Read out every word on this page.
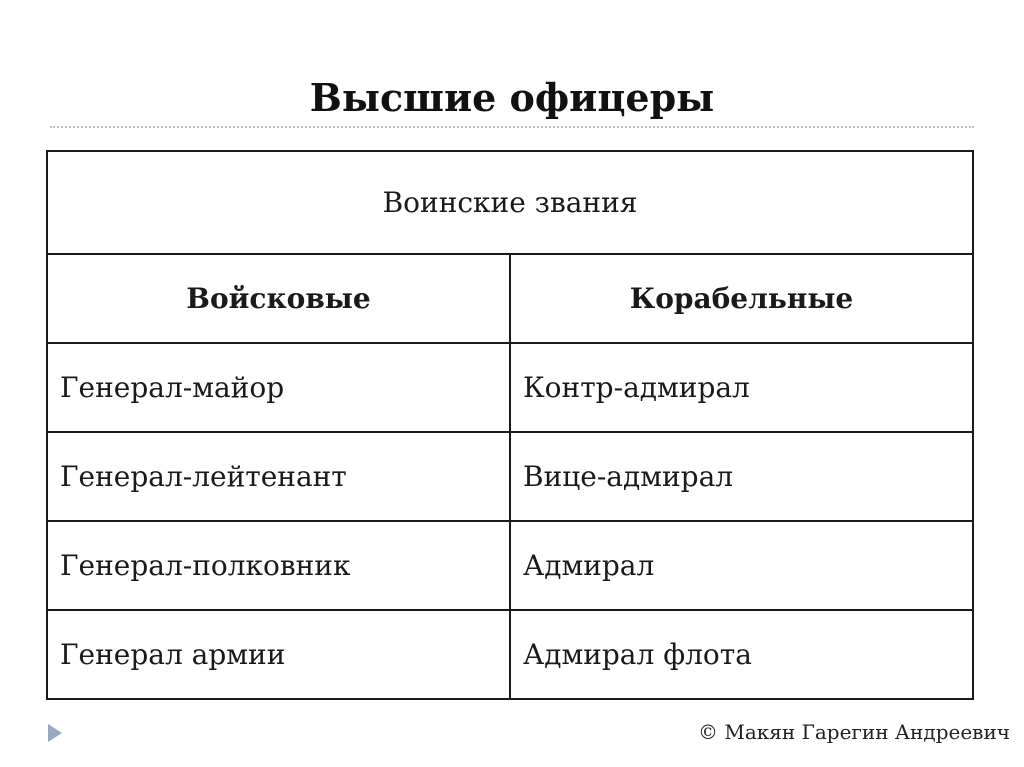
Высшие офицеры
Воинские звания	
Войсковые	Корабельные
Генерал-майор	Контр-адмирал
Генерал-лейтенант	Вице-адмирал
Генерал-полковник	Адмирал
Генерал армии	Адмирал флота
© Макян Гарегин Андреевич
